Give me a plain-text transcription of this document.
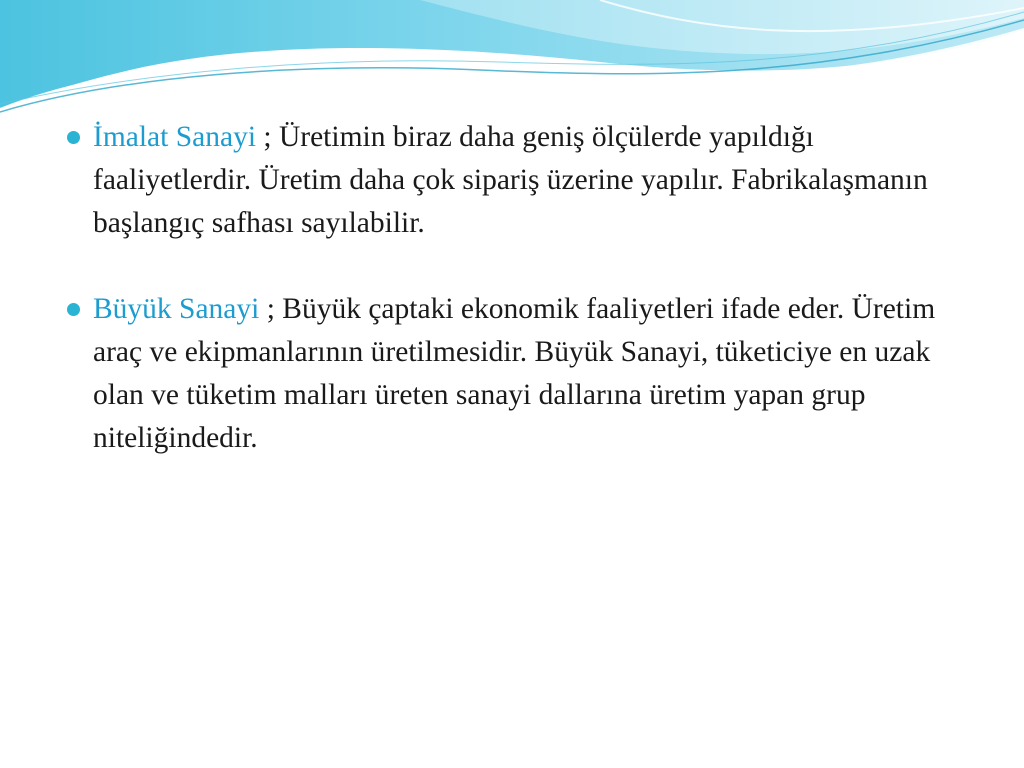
İmalat Sanayi ; Üretimin biraz daha geniş ölçülerde yapıldığı faaliyetlerdir. Üretim daha çok sipariş üzerine yapılır. Fabrikalaşmanın başlangıç safhası sayılabilir.
Büyük Sanayi ; Büyük çaptaki ekonomik faaliyetleri ifade eder. Üretim araç ve ekipmanlarının üretilmesidir. Büyük Sanayi, tüketiciye en uzak olan ve tüketim malları üreten sanayi dallarına üretim yapan grup niteliğindedir.
